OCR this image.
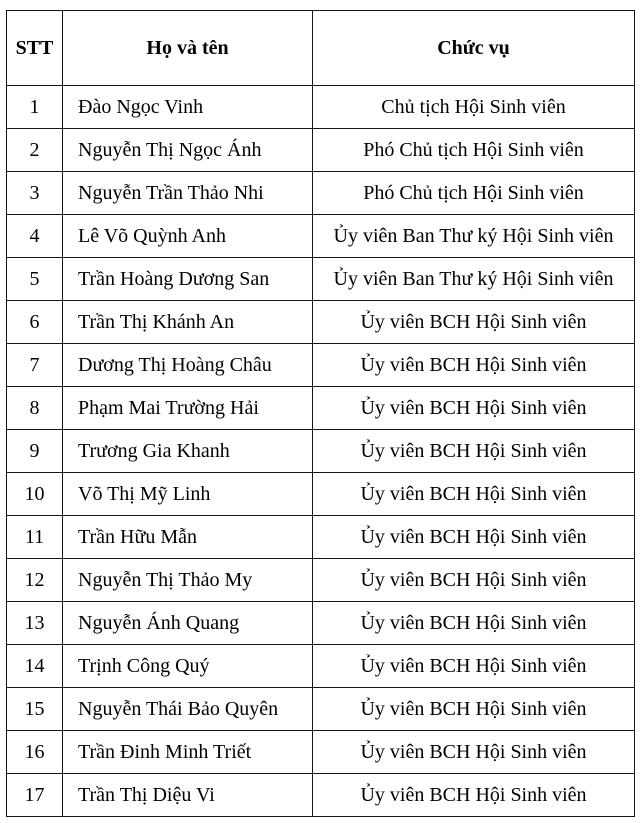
STT	Họ và tên	Chức vụ
1	Đào Ngọc Vinh	Chủ tịch Hội Sinh viên
2	Nguyễn Thị Ngọc Ánh	Phó Chủ tịch Hội Sinh viên
3	Nguyễn Trần Thảo Nhi	Phó Chủ tịch Hội Sinh viên
4	Lê Võ Quỳnh Anh	Ủy viên Ban Thư ký Hội Sinh viên
5	Trần Hoàng Dương San	Ủy viên Ban Thư ký Hội Sinh viên
6	Trần Thị Khánh An	Ủy viên BCH Hội Sinh viên
7	Dương Thị Hoàng Châu	Ủy viên BCH Hội Sinh viên
8	Phạm Mai Trường Hải	Ủy viên BCH Hội Sinh viên
9	Trương Gia Khanh	Ủy viên BCH Hội Sinh viên
10	Võ Thị Mỹ Linh	Ủy viên BCH Hội Sinh viên
11	Trần Hữu Mẫn	Ủy viên BCH Hội Sinh viên
12	Nguyễn Thị Thảo My	Ủy viên BCH Hội Sinh viên
13	Nguyễn Ánh Quang	Ủy viên BCH Hội Sinh viên
14	Trịnh Công Quý	Ủy viên BCH Hội Sinh viên
15	Nguyễn Thái Bảo Quyên	Ủy viên BCH Hội Sinh viên
16	Trần Đinh Minh Triết	Ủy viên BCH Hội Sinh viên
17	Trần Thị Diệu Vi	Ủy viên BCH Hội Sinh viên
